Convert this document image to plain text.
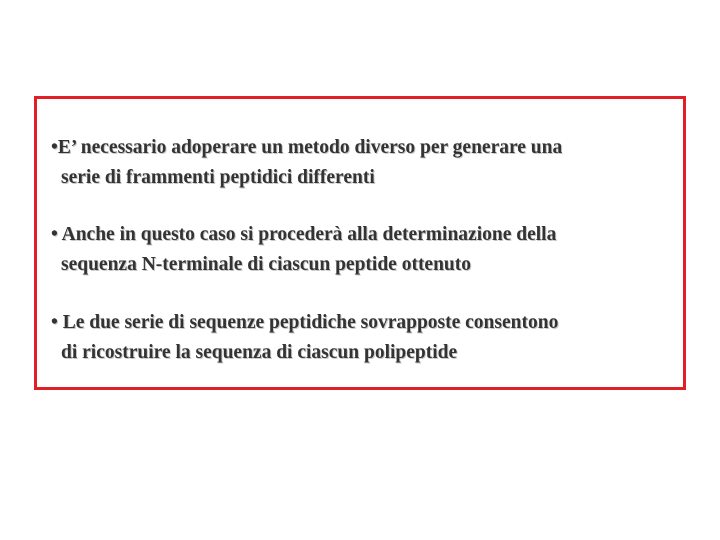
•E’ necessario adoperare un metodo diverso per generare una
serie di frammenti peptidici differenti
• Anche in questo caso si procederà alla determinazione della
sequenza N-terminale di ciascun peptide ottenuto
• Le due serie di sequenze peptidiche sovrapposte consentono
di ricostruire la sequenza di ciascun polipeptide
